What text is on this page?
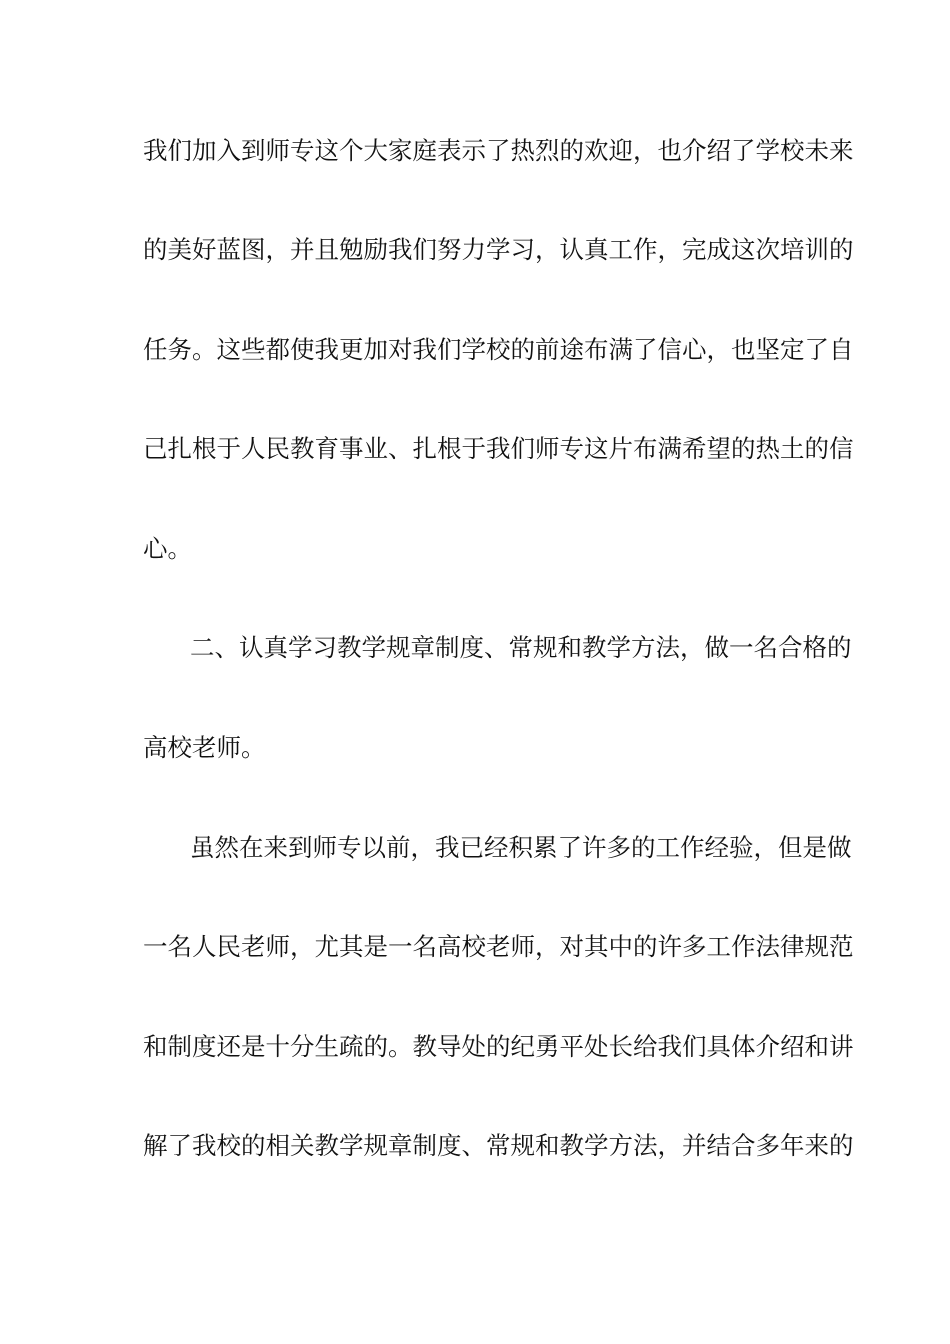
我们加入到师专这个大家庭表示了热烈的欢迎，也介绍了学校未来
的美好蓝图，并且勉励我们努力学习，认真工作，完成这次培训的
任务。这些都使我更加对我们学校的前途布满了信心，也坚定了自
己扎根于人民教育事业、扎根于我们师专这片布满希望的热土的信
心。
二、认真学习教学规章制度、常规和教学方法，做一名合格的
高校老师。
虽然在来到师专以前，我已经积累了许多的工作经验，但是做
一名人民老师，尤其是一名高校老师，对其中的许多工作法律规范
和制度还是十分生疏的。教导处的纪勇平处长给我们具体介绍和讲
解了我校的相关教学规章制度、常规和教学方法，并结合多年来的
